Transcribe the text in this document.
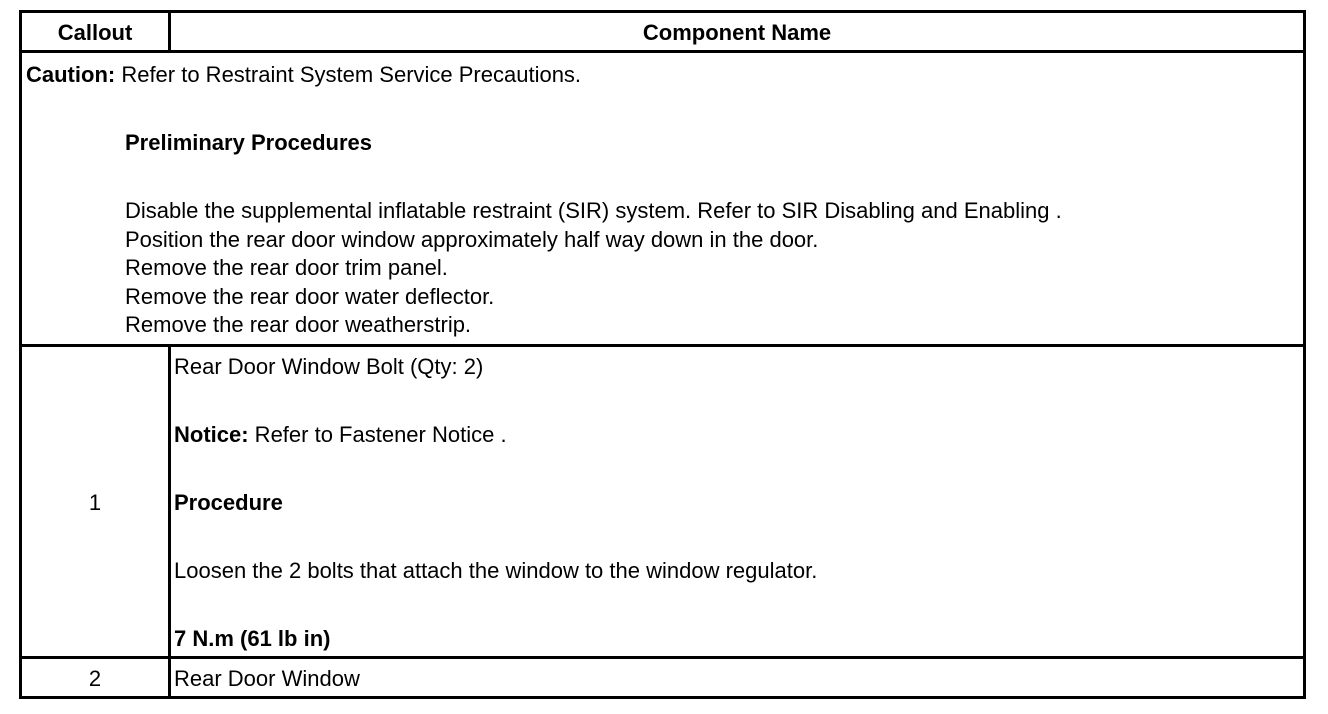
Callout	Component Name
Caution: Refer to Restraint System Service Precautions.
Preliminary Procedures
Disable the supplemental inflatable restraint (SIR) system. Refer to SIR Disabling and Enabling .
Position the rear door window approximately half way down in the door.
Remove the rear door trim panel.
Remove the rear door water deflector.
Remove the rear door weatherstrip.
1
Rear Door Window Bolt (Qty: 2)
Notice: Refer to Fastener Notice .
Procedure
Loosen the 2 bolts that attach the window to the window regulator.
7 N.m (61 lb in)
2	Rear Door Window
